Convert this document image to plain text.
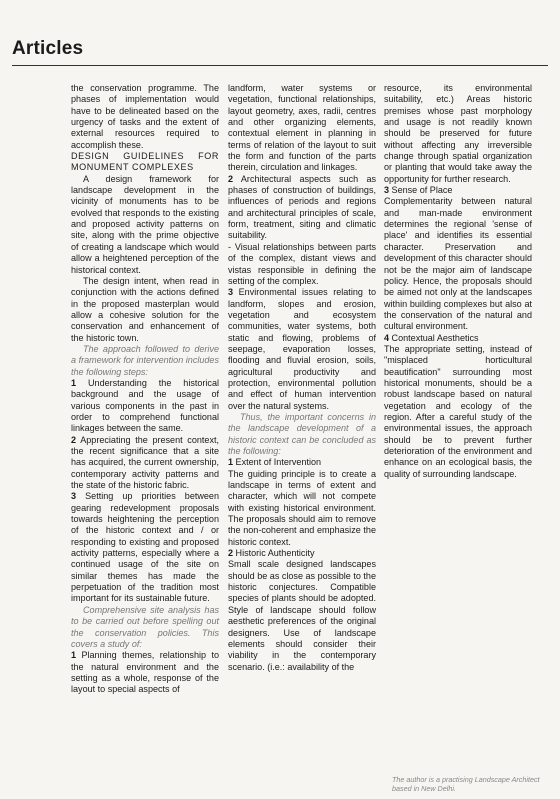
Articles

the conservation programme. The phases of implementation would have to be delineated based on the urgency of tasks and the extent of external resources required to accomplish these.

DESIGN GUIDELINES FOR MONUMENT COMPLEXES

A design framework for landscape development in the vicinity of monuments has to be evolved that responds to the existing and proposed activity patterns on site, along with the prime objective of creating a landscape which would allow a heightened perception of the historical context.

The design intent, when read in conjunction with the actions defined in the proposed masterplan would allow a cohesive solution for the conservation and enhancement of the historic town.

The approach followed to derive a framework for intervention includes the following steps:

1 Understanding the historical background and the usage of various components in the past in order to comprehend functional linkages between the same.

2 Appreciating the present context, the recent significance that a site has acquired, the current ownership, contemporary activity patterns and the state of the historic fabric.

3 Setting up priorities between gearing redevelopment proposals towards heightening the perception of the historic context and / or responding to existing and proposed activity patterns, especially where a continued usage of the site on similar themes has made the perpetuation of the tradition most important for its sustainable future.

Comprehensive site analysis has to be carried out before spelling out the conservation policies. This covers a study of:

1 Planning themes, relationship to the natural environment and the setting as a whole, response of the layout to special aspects of

landform, water systems or vegetation, functional relationships, layout geometry, axes, radii, centres and other organizing elements, contextual element in planning in terms of relation of the layout to suit the form and function of the parts therein, circulation and linkages.

2 Architectural aspects such as phases of construction of buildings, influences of periods and regions and architectural principles of scale, form, treatment, siting and climatic suitability.

- Visual relationships between parts of the complex, distant views and vistas responsible in defining the setting of the complex.

3 Environmental issues relating to landform, slopes and erosion, vegetation and ecosystem communities, water systems, both static and flowing, problems of seepage, evaporation losses, flooding and fluvial erosion, soils, agricultural productivity and protection, environmental pollution and effect of human intervention over the natural systems.

Thus, the important concerns in the landscape development of a historic context can be concluded as the following:

1 Extent of Intervention

The guiding principle is to create a landscape in terms of extent and character, which will not compete with existing historical environment. The proposals should aim to remove the non-coherent and emphasize the historic context.

2 Historic Authenticity

Small scale designed landscapes should be as close as possible to the historic conjectures. Compatible species of plants should be adopted. Style of landscape should follow aesthetic preferences of the original designers. Use of landscape elements should consider their viability in the contemporary scenario. (i.e.: availability of the

resource, its environmental suitability, etc.) Areas historic premises whose past morphology and usage is not readily known should be preserved for future without affecting any irreversible change through spatial organization or planting that would take away the opportunity for further research.

3 Sense of Place

Complementarity between natural and man-made environment determines the regional 'sense of place' and identifies its essential character. Preservation and development of this character should not be the major aim of landscape policy. Hence, the proposals should be aimed not only at the landscapes within building complexes but also at the conservation of the natural and cultural environment.

4 Contextual Aesthetics

The appropriate setting, instead of "misplaced horticultural beautification" surrounding most historical monuments, should be a robust landscape based on natural vegetation and ecology of the region. After a careful study of the environmental issues, the approach should be to prevent further deterioration of the environment and enhance on an ecological basis, the quality of surrounding landscape.

The author is a practising Landscape Architect based in New Delhi.
